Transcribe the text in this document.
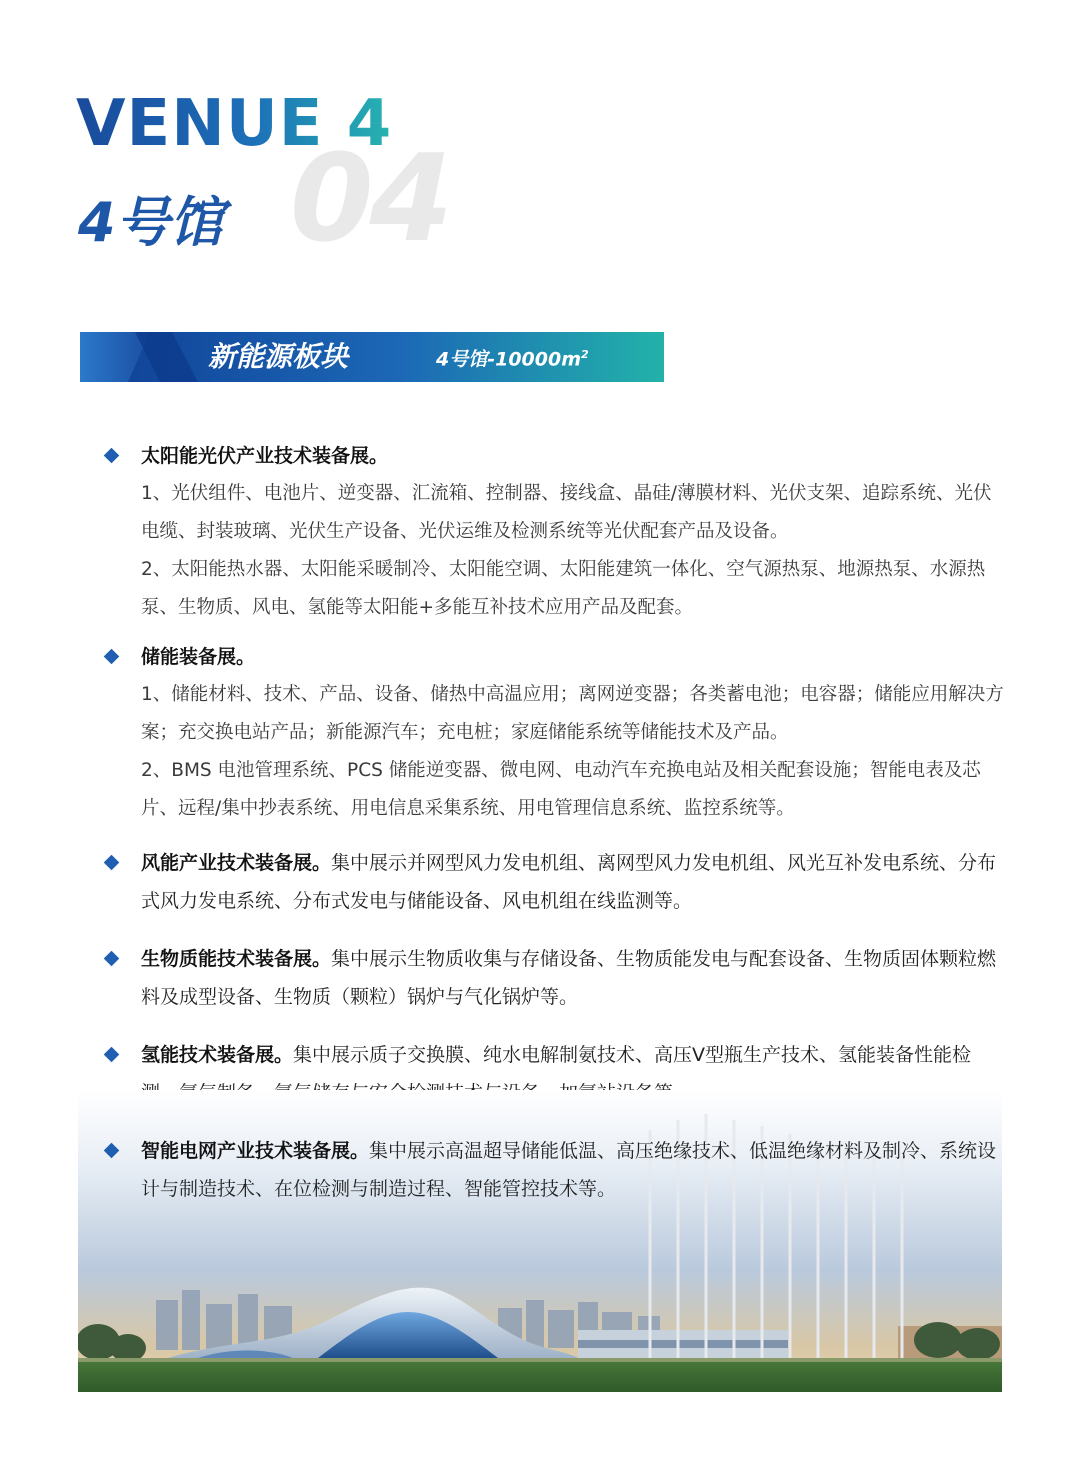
VENUE 4
04
4号馆
新能源板块	4号馆$-10000m^2$
太阳能光伏产业技术装备展。
1、光伏组件、电池片、逆变器、汇流箱、控制器、接线盒、晶硅/薄膜材料、光伏支架、追踪系统、光伏电缆、封装玻璃、光伏生产设备、光伏运维及检测系统等光伏配套产品及设备。
2、太阳能热水器、太阳能采暖制冷、太阳能空调、太阳能建筑一体化、空气源热泵、地源热泵、水源热泵、生物质、风电、氢能等太阳能+多能互补技术应用产品及配套。
储能装备展。
1、储能材料、技术、产品、设备、储热中高温应用；离网逆变器；各类蓄电池；电容器；储能应用解决方案；充交换电站产品；新能源汽车；充电桩；家庭储能系统等储能技术及产品。
2、BMS 电池管理系统、PCS 储能逆变器、微电网、电动汽车充换电站及相关配套设施；智能电表及芯片、远程/集中抄表系统、用电信息采集系统、用电管理信息系统、监控系统等。
风能产业技术装备展。集中展示并网型风力发电机组、离网型风力发电机组、风光互补发电系统、分布式风力发电系统、分布式发电与储能设备、风电机组在线监测等。
生物质能技术装备展。集中展示生物质收集与存储设备、生物质能发电与配套设备、生物质固体颗粒燃料及成型设备、生物质（颗粒）锅炉与气化锅炉等。
氢能技术装备展。集中展示质子交换膜、纯水电解制氨技术、高压V型瓶生产技术、氢能装备性能检
智能电网产业技术装备展。集中展示高温超导储能低温、高压绝缘技术、低温绝缘材料及制冷、系统设计与制造技术、在位检测与制造过程、智能管控技术等。
